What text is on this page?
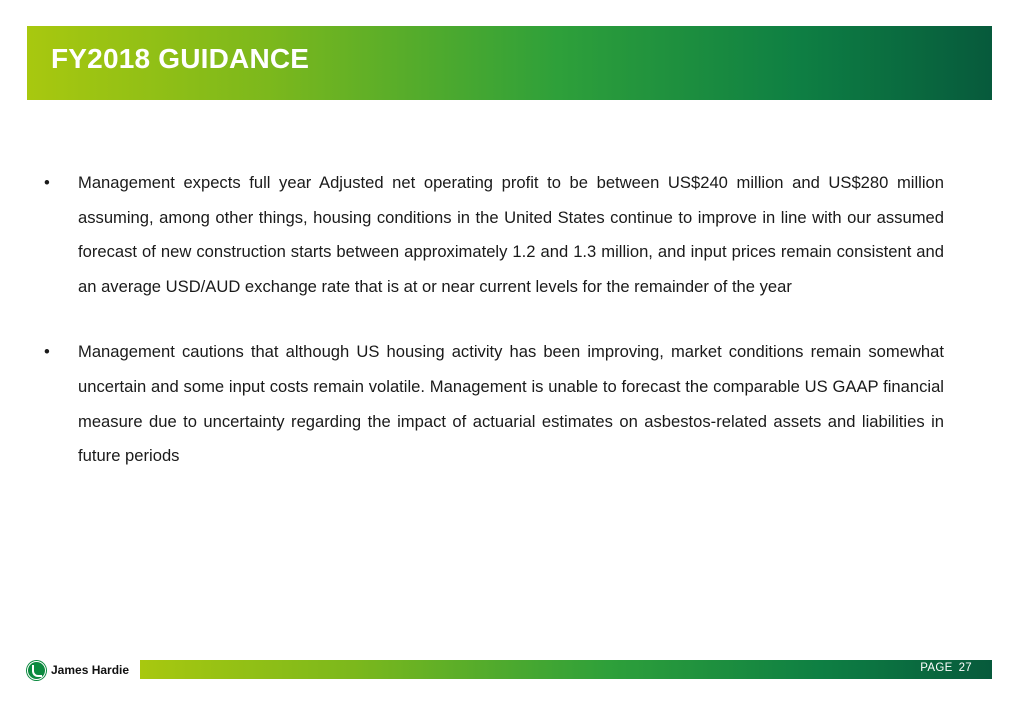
FY2018 GUIDANCE

•	Management expects full year Adjusted net operating profit to be between US$240 million and US$280 million assuming, among other things, housing conditions in the United States continue to improve in line with our assumed forecast of new construction starts between approximately 1.2 and 1.3 million, and input prices remain consistent and an average USD/AUD exchange rate that is at or near current levels for the remainder of the year

•	Management cautions that although US housing activity has been improving, market conditions remain somewhat uncertain and some input costs remain volatile. Management is unable to forecast the comparable US GAAP financial measure due to uncertainty regarding the impact of actuarial estimates on asbestos-related assets and liabilities in future periods

James Hardie	PAGE 27
